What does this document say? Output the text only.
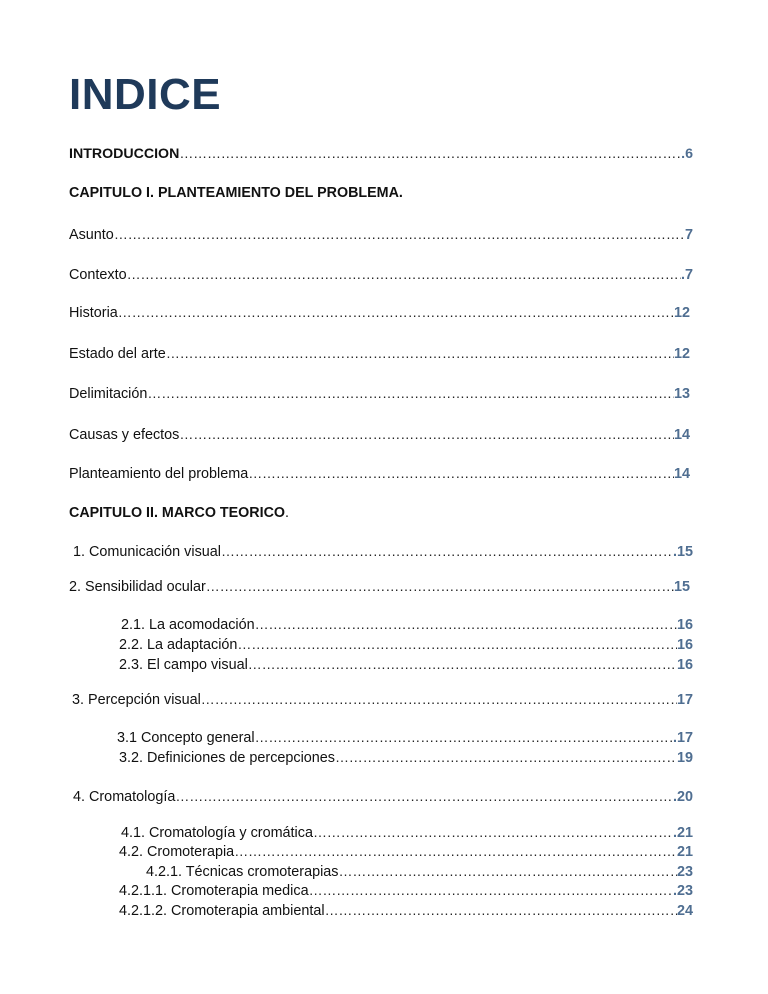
INDICE
INTRODUCCION ………………………………………………………………………………………………………………………………………………………………………………………………………	.6
CAPITULO I. PLANTEAMIENTO DEL PROBLEMA.
Asunto ………………………………………………………………………………………………………………………………………………………………………………………………………	7
Contexto ………………………………………………………………………………………………………………………………………………………………………………………………………	.7
Historia ………………………………………………………………………………………………………………………………………………………………………………………………………	12
Estado del arte ………………………………………………………………………………………………………………………………………………………………………………………………………	12
Delimitación ………………………………………………………………………………………………………………………………………………………………………………………………………	13
Causas y efectos ………………………………………………………………………………………………………………………………………………………………………………………………………	14
Planteamiento del problema ………………………………………………………………………………………………………………………………………………………………………………………………………	14
CAPITULO II. MARCO TEORICO.
1. Comunicación visual ………………………………………………………………………………………………………………………………………………………………………………………………………	.15
2. Sensibilidad ocular ………………………………………………………………………………………………………………………………………………………………………………………………………	15
2.1. La acomodación ………………………………………………………………………………………………………………………………………………………………………………………………………	16
2.2. La adaptación ………………………………………………………………………………………………………………………………………………………………………………………………………	16
2.3. El campo visual ………………………………………………………………………………………………………………………………………………………………………………………………………	16
3. Percepción visual ………………………………………………………………………………………………………………………………………………………………………………………………………	17
3.1 Concepto general ………………………………………………………………………………………………………………………………………………………………………………………………………	.17
3.2. Definiciones de percepciones ………………………………………………………………………………………………………………………………………………………………………………………………………	19
4. Cromatología ………………………………………………………………………………………………………………………………………………………………………………………………………	.20
4.1. Cromatología y cromática ………………………………………………………………………………………………………………………………………………………………………………………………………	.21
4.2. Cromoterapia ………………………………………………………………………………………………………………………………………………………………………………………………………	21
4.2.1. Técnicas cromoterapias ………………………………………………………………………………………………………………………………………………………………………………………………………	23
4.2.1.1. Cromoterapia medica ………………………………………………………………………………………………………………………………………………………………………………………………………	.23
4.2.1.2. Cromoterapia ambiental ………………………………………………………………………………………………………………………………………………………………………………………………………	24
